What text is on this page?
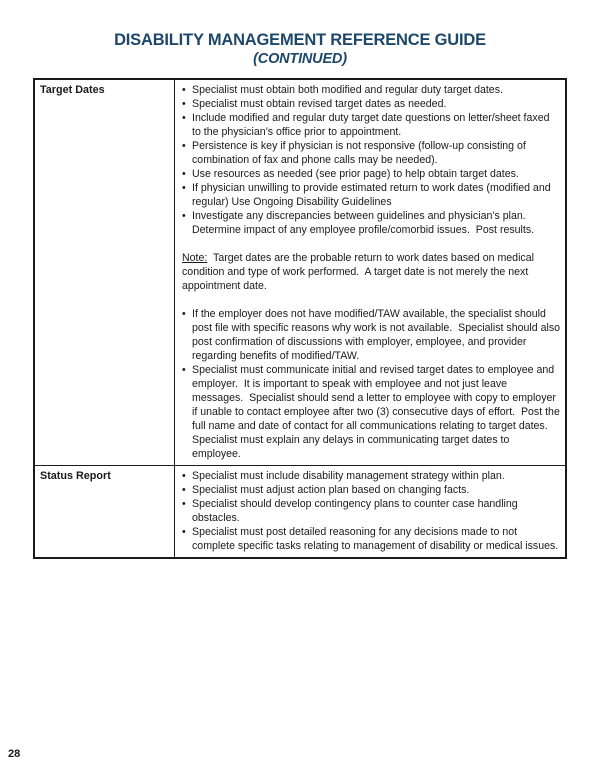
DISABILITY MANAGEMENT REFERENCE GUIDE
(CONTINUED)
Target Dates	• Specialist must obtain both modified and regular duty target dates.
• Specialist must obtain revised target dates as needed.
• Include modified and regular duty target date questions on letter/sheet faxed to the physician’s office prior to appointment.
• Persistence is key if physician is not responsive (follow-up consisting of combination of fax and phone calls may be needed).
• Use resources as needed (see prior page) to help obtain target dates.
• If physician unwilling to provide estimated return to work dates (modified and regular) Use Ongoing Disability Guidelines
• Investigate any discrepancies between guidelines and physician’s plan.  Determine impact of any employee profile/comorbid issues.  Post results.
Note:  Target dates are the probable return to work dates based on medical condition and type of work performed.  A target date is not merely the next appointment date.
• If the employer does not have modified/TAW available, the specialist should post file with specific reasons why work is not available.  Specialist should also post confirmation of discussions with employer, employee, and provider regarding benefits of modified/TAW.
• Specialist must communicate initial and revised target dates to employee and employer.  It is important to speak with employee and not just leave messages.  Specialist should send a letter to employee with copy to employer if unable to contact employee after two (3) consecutive days of effort.  Post the full name and date of contact for all communications relating to target dates.  Specialist must explain any delays in communicating target dates to employee.
Status Report	• Specialist must include disability management strategy within plan.
• Specialist must adjust action plan based on changing facts.
• Specialist should develop contingency plans to counter case handling obstacles.
• Specialist must post detailed reasoning for any decisions made to not complete specific tasks relating to management of disability or medical issues.
28
